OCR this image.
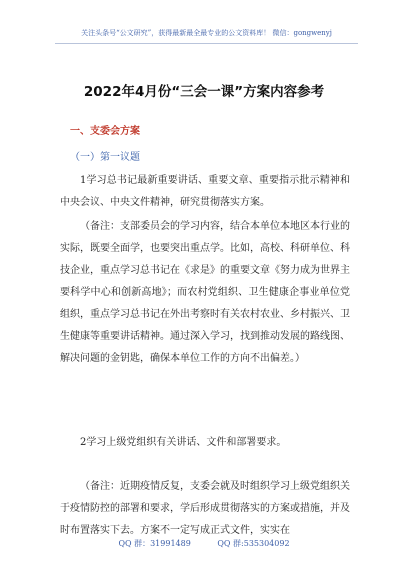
关注头条号“公文研究”，获得最新最全最专业的公文资料库！ 微信：gongwenyj
2022年4月份“三会一课”方案内容参考
一、支委会方案
（一）第一议题
1学习总书记最新重要讲话、重要文章、重要指示批示精神和中央会议、中央文件精神，研究贯彻落实方案。
（备注：支部委员会的学习内容，结合本单位本地区本行业的实际，既要全面学，也要突出重点学。比如，高校、科研单位、科技企业，重点学习总书记在《求是》的重要文章《努力成为世界主要科学中心和创新高地》；而农村党组织、卫生健康企事业单位党组织，重点学习总书记在外出考察时有关农村农业、乡村振兴、卫生健康等重要讲话精神。通过深入学习，找到推动发展的路线图、解决问题的金钥匙，确保本单位工作的方向不出偏差。）
2学习上级党组织有关讲话、文件和部署要求。
（备注：近期疫情反复，支委会就及时组织学习上级党组织关于疫情防控的部署和要求，学后形成贯彻落实的方案或措施，并及时布置落实下去。方案不一定写成正式文件，实实在
QQ 群：31991489	QQ 群:535304092
